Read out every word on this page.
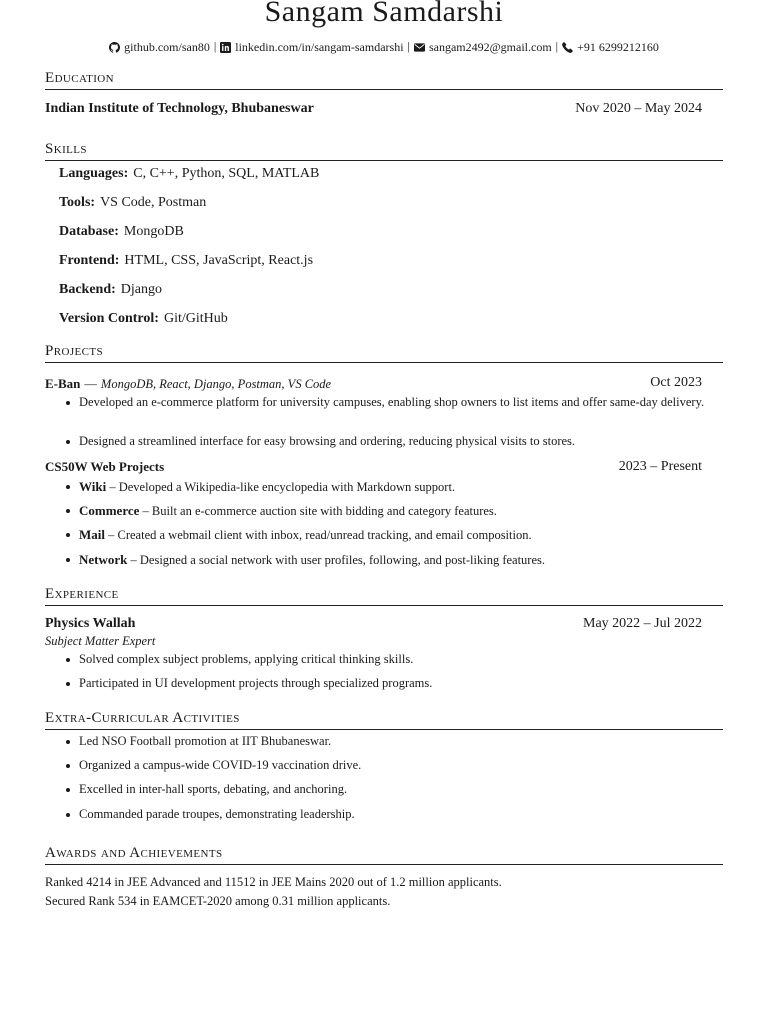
Sangam Samdarshi
github.com/san80 | linkedin.com/in/sangam-samdarshi | sangam2492@gmail.com | +91 6299212160
Education
Indian Institute of Technology, Bhubaneswar	Nov 2020 – May 2024
Skills
Languages: C, C++, Python, SQL, MATLAB
Tools: VS Code, Postman
Database: MongoDB
Frontend: HTML, CSS, JavaScript, React.js
Backend: Django
Version Control: Git/GitHub
Projects
E-Ban — MongoDB, React, Django, Postman, VS Code	Oct 2023
Developed an e-commerce platform for university campuses, enabling shop owners to list items and offer same-day delivery.
Designed a streamlined interface for easy browsing and ordering, reducing physical visits to stores.
CS50W Web Projects	2023 – Present
Wiki – Developed a Wikipedia-like encyclopedia with Markdown support.
Commerce – Built an e-commerce auction site with bidding and category features.
Mail – Created a webmail client with inbox, read/unread tracking, and email composition.
Network – Designed a social network with user profiles, following, and post-liking features.
Experience
Physics Wallah	May 2022 – Jul 2022
Subject Matter Expert
Solved complex subject problems, applying critical thinking skills.
Participated in UI development projects through specialized programs.
Extra-Curricular Activities
Led NSO Football promotion at IIT Bhubaneswar.
Organized a campus-wide COVID-19 vaccination drive.
Excelled in inter-hall sports, debating, and anchoring.
Commanded parade troupes, demonstrating leadership.
Awards and Achievements
Ranked 4214 in JEE Advanced and 11512 in JEE Mains 2020 out of 1.2 million applicants.
Secured Rank 534 in EAMCET-2020 among 0.31 million applicants.
